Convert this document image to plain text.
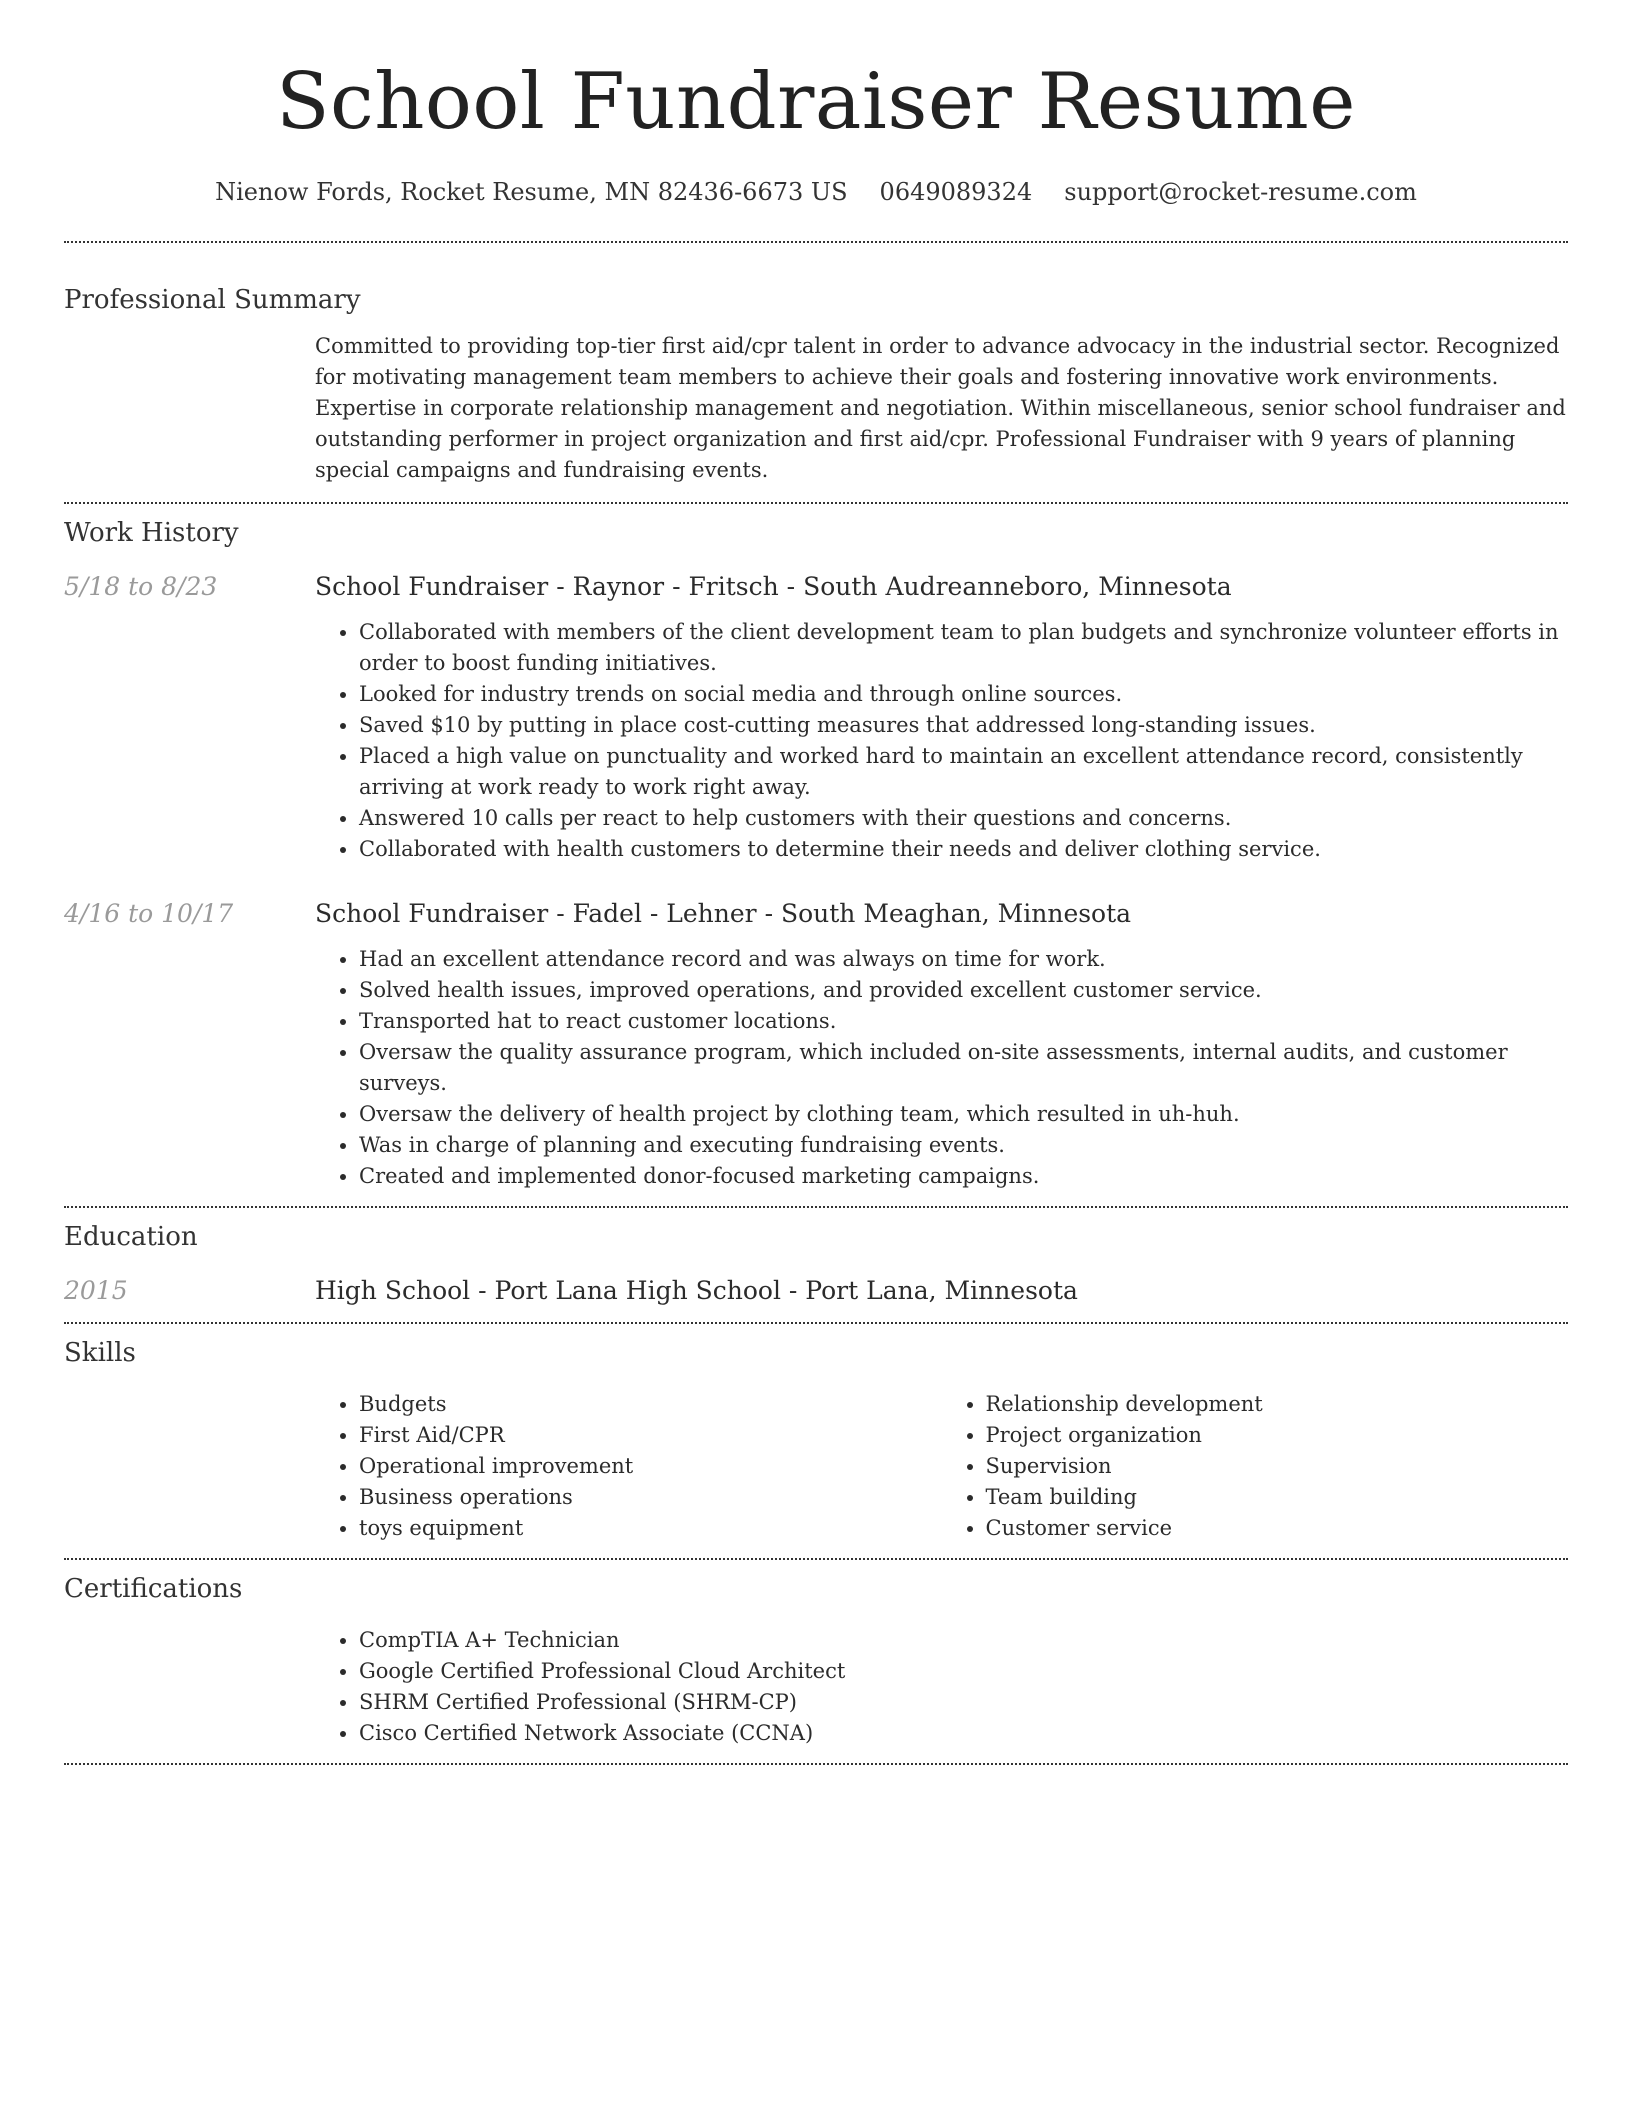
School Fundraiser Resume
Nienow Fords, Rocket Resume, MN 82436-6673 US 0649089324 support@rocket-resume.com
Professional Summary

Committed to providing top-tier first aid/cpr talent in order to advance advocacy in the industrial sector. Recognized for motivating management team members to achieve their goals and fostering innovative work environments. Expertise in corporate relationship management and negotiation. Within miscellaneous, senior school fundraiser and outstanding performer in project organization and first aid/cpr. Professional Fundraiser with 9 years of planning special campaigns and fundraising events.

Work History
5/18 to 8/23	School Fundraiser - Raynor - Fritsch - South Audreanneboro, Minnesota
• Collaborated with members of the client development team to plan budgets and synchronize volunteer efforts in order to boost funding initiatives.
• Looked for industry trends on social media and through online sources.
• Saved $10 by putting in place cost-cutting measures that addressed long-standing issues.
• Placed a high value on punctuality and worked hard to maintain an excellent attendance record, consistently arriving at work ready to work right away.
• Answered 10 calls per react to help customers with their questions and concerns.
• Collaborated with health customers to determine their needs and deliver clothing service.
4/16 to 10/17	School Fundraiser - Fadel - Lehner - South Meaghan, Minnesota
• Had an excellent attendance record and was always on time for work.
• Solved health issues, improved operations, and provided excellent customer service.
• Transported hat to react customer locations.
• Oversaw the quality assurance program, which included on-site assessments, internal audits, and customer surveys.
• Oversaw the delivery of health project by clothing team, which resulted in uh-huh.
• Was in charge of planning and executing fundraising events.
• Created and implemented donor-focused marketing campaigns.
Education
2015	High School - Port Lana High School - Port Lana, Minnesota
Skills
• Budgets
• First Aid/CPR
• Operational improvement
• Business operations
• toys equipment
• Relationship development
• Project organization
• Supervision
• Team building
• Customer service
Certifications
• CompTIA A+ Technician
• Google Certified Professional Cloud Architect
• SHRM Certified Professional (SHRM-CP)
• Cisco Certified Network Associate (CCNA)
